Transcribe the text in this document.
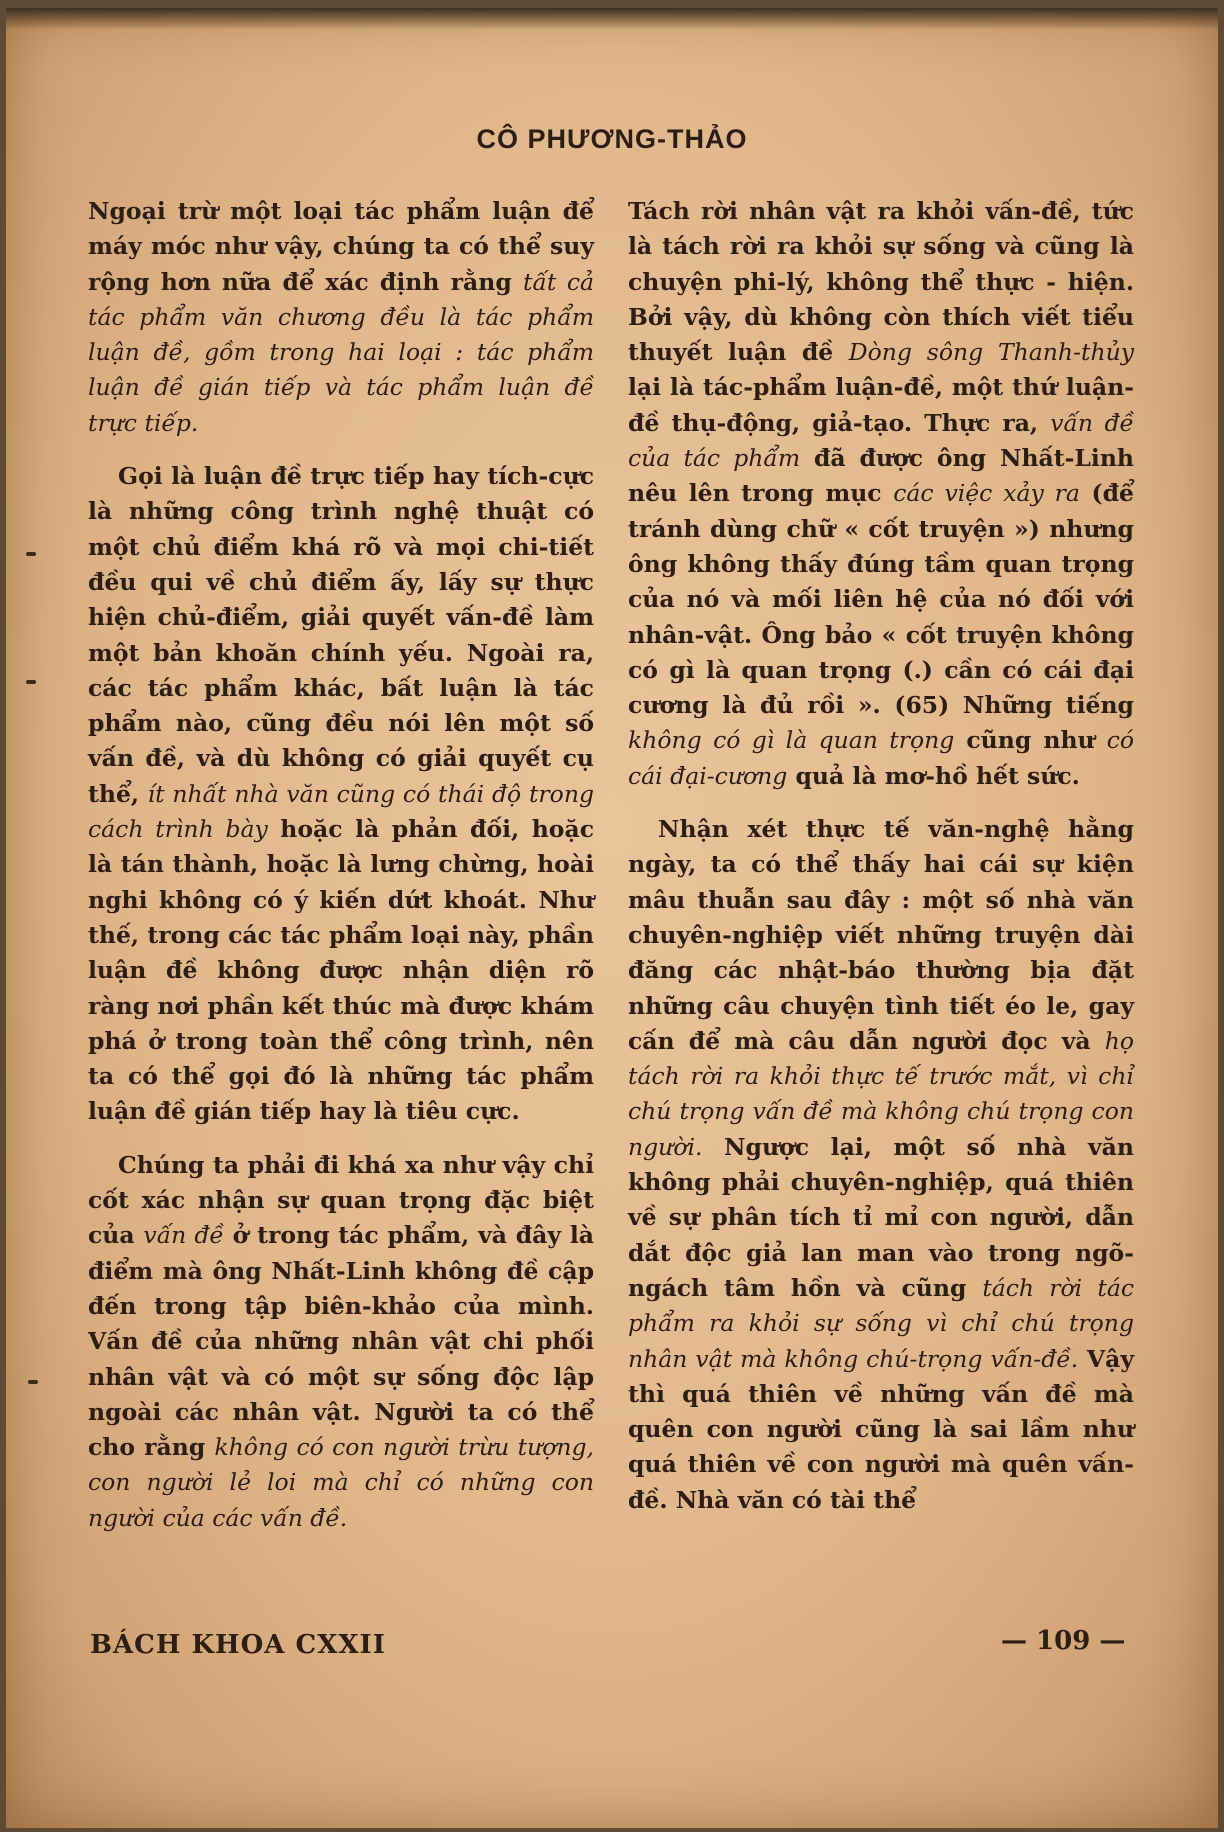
CÔ PHƯƠNG-THẢO

Ngoại trừ một loại tác phẩm luận để máy móc như vậy, chúng ta có thể suy rộng hơn nữa để xác định rằng tất cả tác phẩm văn chương đều là tác phẩm luận đề, gồm trong hai loại : tác phẩm luận đề gián tiếp và tác phẩm luận đề trực tiếp.

Gọi là luận đề trực tiếp hay tích-cực là những công trình nghệ thuật có một chủ điểm khá rõ và mọi chi-tiết đều qui về chủ điểm ấy, lấy sự thực hiện chủ-điểm, giải quyết vấn-đề làm một bản khoăn chính yếu. Ngoài ra, các tác phẩm khác, bất luận là tác phẩm nào, cũng đều nói lên một số vấn đề, và dù không có giải quyết cụ thể, ít nhất nhà văn cũng có thái độ trong cách trình bày hoặc là phản đối, hoặc là tán thành, hoặc là lưng chừng, hoài nghi không có ý kiến dứt khoát. Như thế, trong các tác phẩm loại này, phần luận đề không được nhận diện rõ ràng nơi phần kết thúc mà được khám phá ở trong toàn thể công trình, nên ta có thể gọi đó là những tác phẩm luận đề gián tiếp hay là tiêu cực.

Chúng ta phải đi khá xa như vậy chỉ cốt xác nhận sự quan trọng đặc biệt của vấn đề ở trong tác phẩm, và đây là điểm mà ông Nhất-Linh không đề cập đến trong tập biên-khảo của mình. Vấn đề của những nhân vật chi phối nhân vật và có một sự sống độc lập ngoài các nhân vật. Người ta có thể cho rằng không có con người trừu tượng, con người lẻ loi mà chỉ có những con người của các vấn đề.

Tách rời nhân vật ra khỏi vấn-đề, tức là tách rời ra khỏi sự sống và cũng là chuyện phi-lý, không thể thực - hiện. Bởi vậy, dù không còn thích viết tiểu thuyết luận đề Dòng sông Thanh-thủy lại là tác-phẩm luận-đề, một thứ luận-đề thụ-động, giả-tạo. Thực ra, vấn đề của tác phẩm đã được ông Nhất-Linh nêu lên trong mục các việc xảy ra (để tránh dùng chữ « cốt truyện ») nhưng ông không thấy đúng tầm quan trọng của nó và mối liên hệ của nó đối với nhân-vật. Ông bảo « cốt truyện không có gì là quan trọng (.) cần có cái đại cương là đủ rồi ». (65) Những tiếng không có gì là quan trọng cũng như có cái đại-cương quả là mơ-hồ hết sức.

Nhận xét thực tế văn-nghệ hằng ngày, ta có thể thấy hai cái sự kiện mâu thuẫn sau đây : một số nhà văn chuyên-nghiệp viết những truyện dài đăng các nhật-báo thường bịa đặt những câu chuyện tình tiết éo le, gay cấn để mà câu dẫn người đọc và họ tách rời ra khỏi thực tế trước mắt, vì chỉ chú trọng vấn đề mà không chú trọng con người. Ngược lại, một số nhà văn không phải chuyên-nghiệp, quá thiên về sự phân tích tỉ mỉ con người, dẫn dắt độc giả lan man vào trong ngõ-ngách tâm hồn và cũng tách rời tác phẩm ra khỏi sự sống vì chỉ chú trọng nhân vật mà không chú-trọng vấn-đề. Vậy thì quá thiên về những vấn đề mà quên con người cũng là sai lầm như quá thiên về con người mà quên vấn-đề. Nhà văn có tài thể

BÁCH KHOA CXXII	— 109 —
